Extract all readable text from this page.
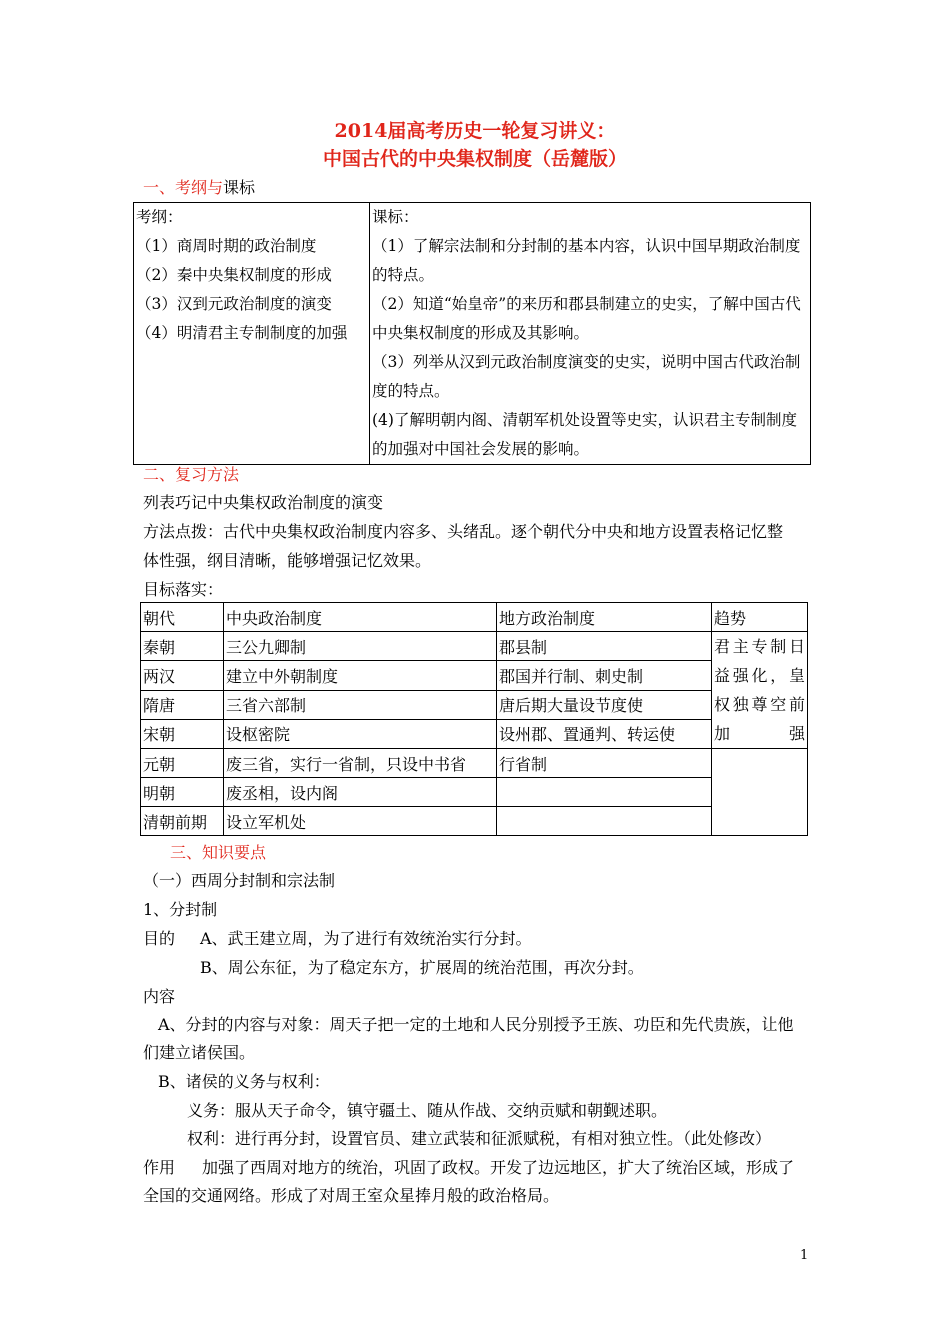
2014届高考历史一轮复习讲义：
中国古代的中央集权制度（岳麓版）
一、考纲与课标
考纲：
（1）商周时期的政治制度
（2）秦中央集权制度的形成
（3）汉到元政治制度的演变
（4）明清君主专制制度的加强

课标：
（1）了解宗法制和分封制的基本内容，认识中国早期政治制度的特点。
（2）知道“始皇帝”的来历和郡县制建立的史实，了解中国古代中央集权制度的形成及其影响。
（3）列举从汉到元政治制度演变的史实，说明中国古代政治制度的特点。
(4)了解明朝内阁、清朝军机处设置等史实，认识君主专制制度的加强对中国社会发展的影响。
二、复习方法
列表巧记中央集权政治制度的演变
方法点拨：古代中央集权政治制度内容多、头绪乱。逐个朝代分中央和地方设置表格记忆整
体性强，纲目清晰，能够增强记忆效果。
目标落实：
朝代	中央政治制度	地方政治制度	趋势
秦朝	三公九卿制	郡县制	君主专制日益强化，皇权独尊空前加强
两汉	建立中外朝制度	郡国并行制、刺史制	
隋唐	三省六部制	唐后期大量设节度使	
宋朝	设枢密院	设州郡、置通判、转运使	
元朝	废三省，实行一省制，只设中书省	行省制	
明朝	废丞相，设内阁		
清朝前期	设立军机处		
三、知识要点
（一）西周分封制和宗法制
1、分封制
目的 A、武王建立周，为了进行有效统治实行分封。
B、周公东征，为了稳定东方，扩展周的统治范围，再次分封。
内容
A、分封的内容与对象：周天子把一定的土地和人民分别授予王族、功臣和先代贵族，让他
们建立诸侯国。
B、诸侯的义务与权利：
义务：服从天子命令，镇守疆土、随从作战、交纳贡赋和朝觐述职。
权利：进行再分封，设置官员、建立武装和征派赋税，有相对独立性。（此处修改）
作用 加强了西周对地方的统治，巩固了政权。开发了边远地区，扩大了统治区域，形成了
全国的交通网络。形成了对周王室众星捧月般的政治格局。
1
